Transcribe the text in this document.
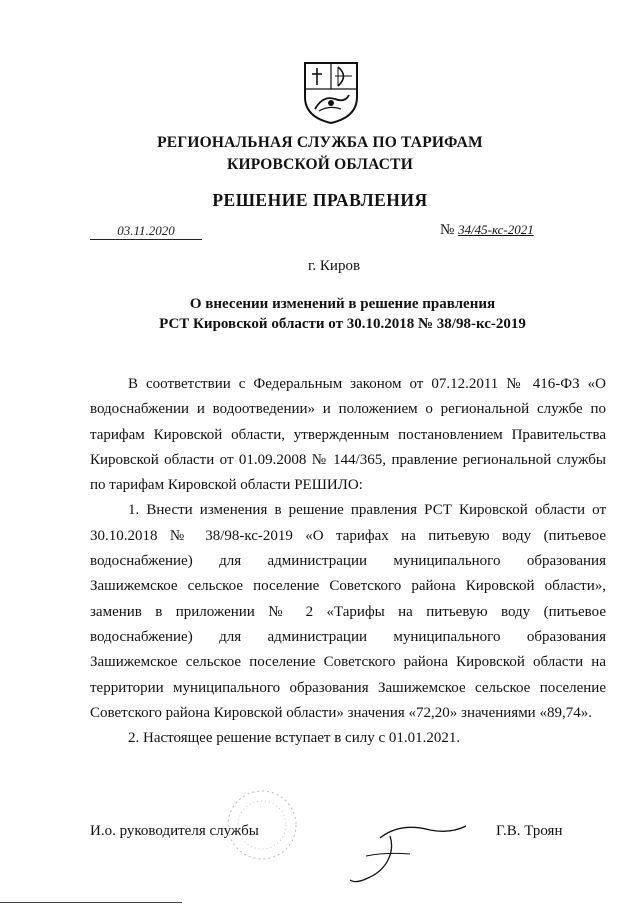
РЕГИОНАЛЬНАЯ СЛУЖБА ПО ТАРИФАМ
КИРОВСКОЙ ОБЛАСТИ
РЕШЕНИЕ ПРАВЛЕНИЯ
03.11.2020	№ 34/45-кс-2021
г. Киров
О внесении изменений в решение правления
РСТ Кировской области от 30.10.2018 № 38/98-кс-2019

В соответствии с Федеральным законом от 07.12.2011 № 416-ФЗ «О водоснабжении и водоотведении» и положением о региональной службе по тарифам Кировской области, утвержденным постановлением Правительства Кировской области от 01.09.2008 № 144/365, правление региональной службы по тарифам Кировской области РЕШИЛО:

1. Внести изменения в решение правления РСТ Кировской области от 30.10.2018 № 38/98-кс-2019 «О тарифах на питьевую воду (питьевое водоснабжение) для администрации муниципального образования Зашижемское сельское поселение Советского района Кировской области», заменив в приложении № 2 «Тарифы на питьевую воду (питьевое водоснабжение) для администрации муниципального образования Зашижемское сельское поселение Советского района Кировской области на территории муниципального образования Зашижемское сельское поселение Советского района Кировской области» значения «72,20» значениями «89,74».

2. Настоящее решение вступает в силу с 01.01.2021.

И.о. руководителя службы	Г.В. Троян
